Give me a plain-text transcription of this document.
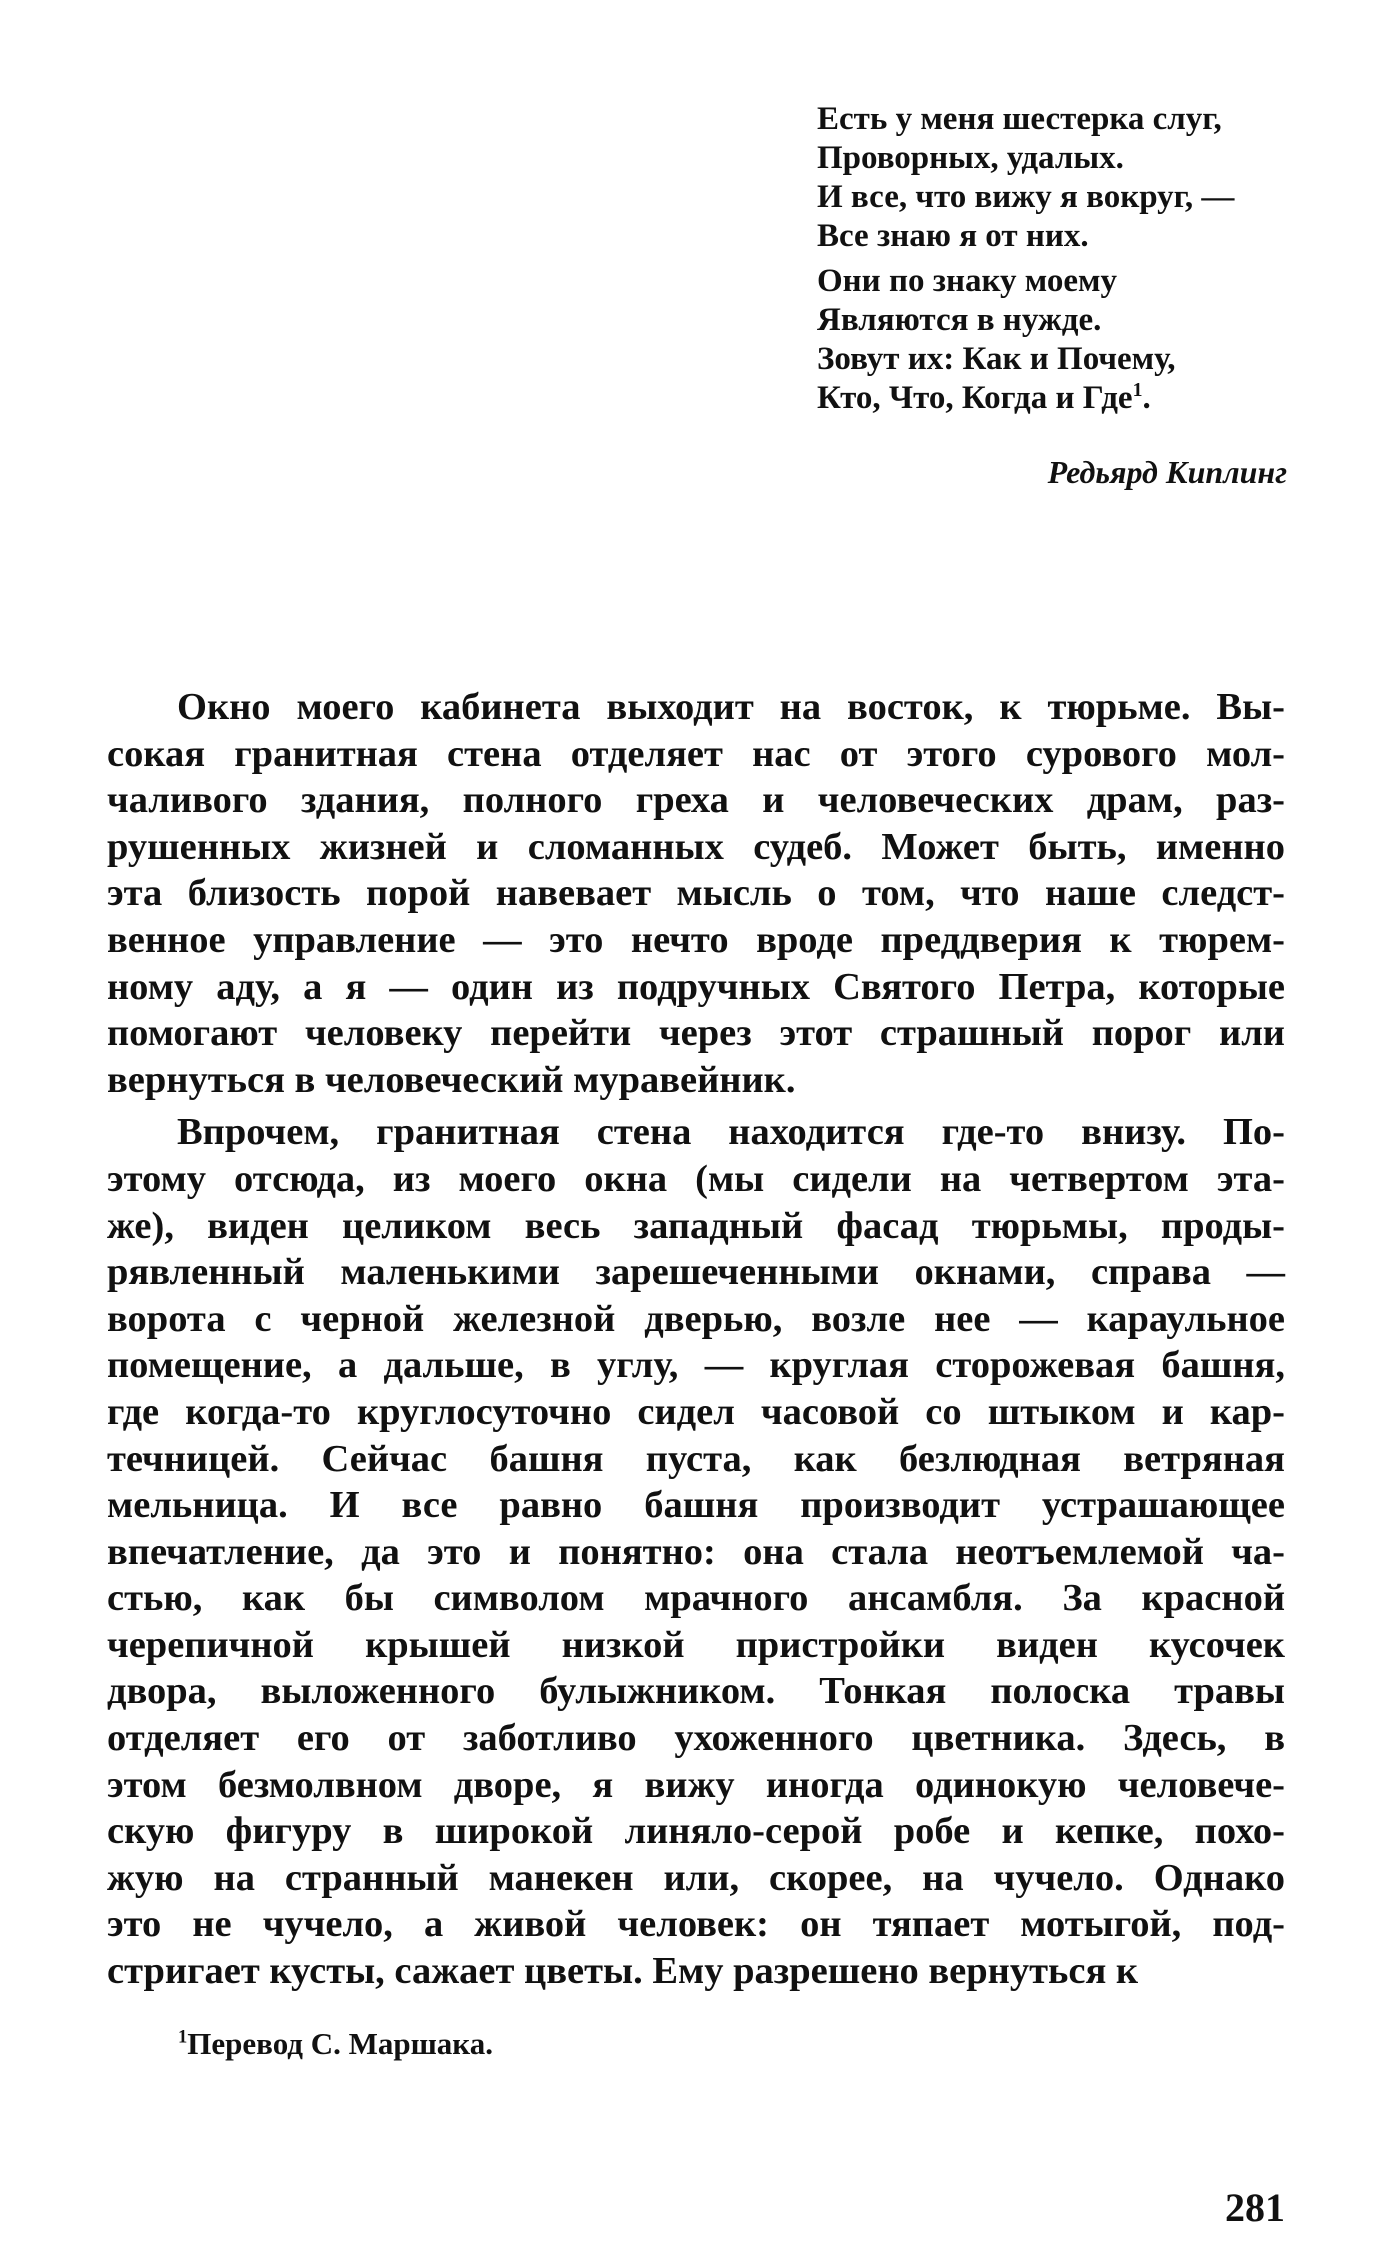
Есть у меня шестерка слуг,
Проворных, удалых.
И все, что вижу я вокруг, —
Все знаю я от них.
Они по знаку моему
Являются в нужде.
Зовут их: Как и Почему,
Кто, Что, Когда и Где$^1$.
Редьярд Киплинг
Окно моего кабинета выходит на восток, к тюрьме. Вы-
сокая гранитная стена отделяет нас от этого сурового мол-
чаливого здания, полного греха и человеческих драм, раз-
рушенных жизней и сломанных судеб. Может быть, именно
эта близость порой навевает мысль о том, что наше следст-
венное управление — это нечто вроде преддверия к тюрем-
ному аду, а я — один из подручных Святого Петра, которые
помогают человеку перейти через этот страшный порог или
вернуться в человеческий муравейник.
Впрочем, гранитная стена находится где-то внизу. По-
этому отсюда, из моего окна (мы сидели на четвертом эта-
же), виден целиком весь западный фасад тюрьмы, проды-
рявленный маленькими зарешеченными окнами, справа —
ворота с черной железной дверью, возле нее — караульное
помещение, а дальше, в углу, — круглая сторожевая башня,
где когда-то круглосуточно сидел часовой со штыком и кар-
течницей. Сейчас башня пуста, как безлюдная ветряная
мельница. И все равно башня производит устрашающее
впечатление, да это и понятно: она стала неотъемлемой ча-
стью, как бы символом мрачного ансамбля. За красной
черепичной крышей низкой пристройки виден кусочек
двора, выложенного булыжником. Тонкая полоска травы
отделяет его от заботливо ухоженного цветника. Здесь, в
этом безмолвном дворе, я вижу иногда одинокую человече-
скую фигуру в широкой линяло-серой робе и кепке, похо-
жую на странный манекен или, скорее, на чучело. Однако
это не чучело, а живой человек: он тяпает мотыгой, под-
стригает кусты, сажает цветы. Ему разрешено вернуться к
$^1$Перевод С. Маршака.
281
